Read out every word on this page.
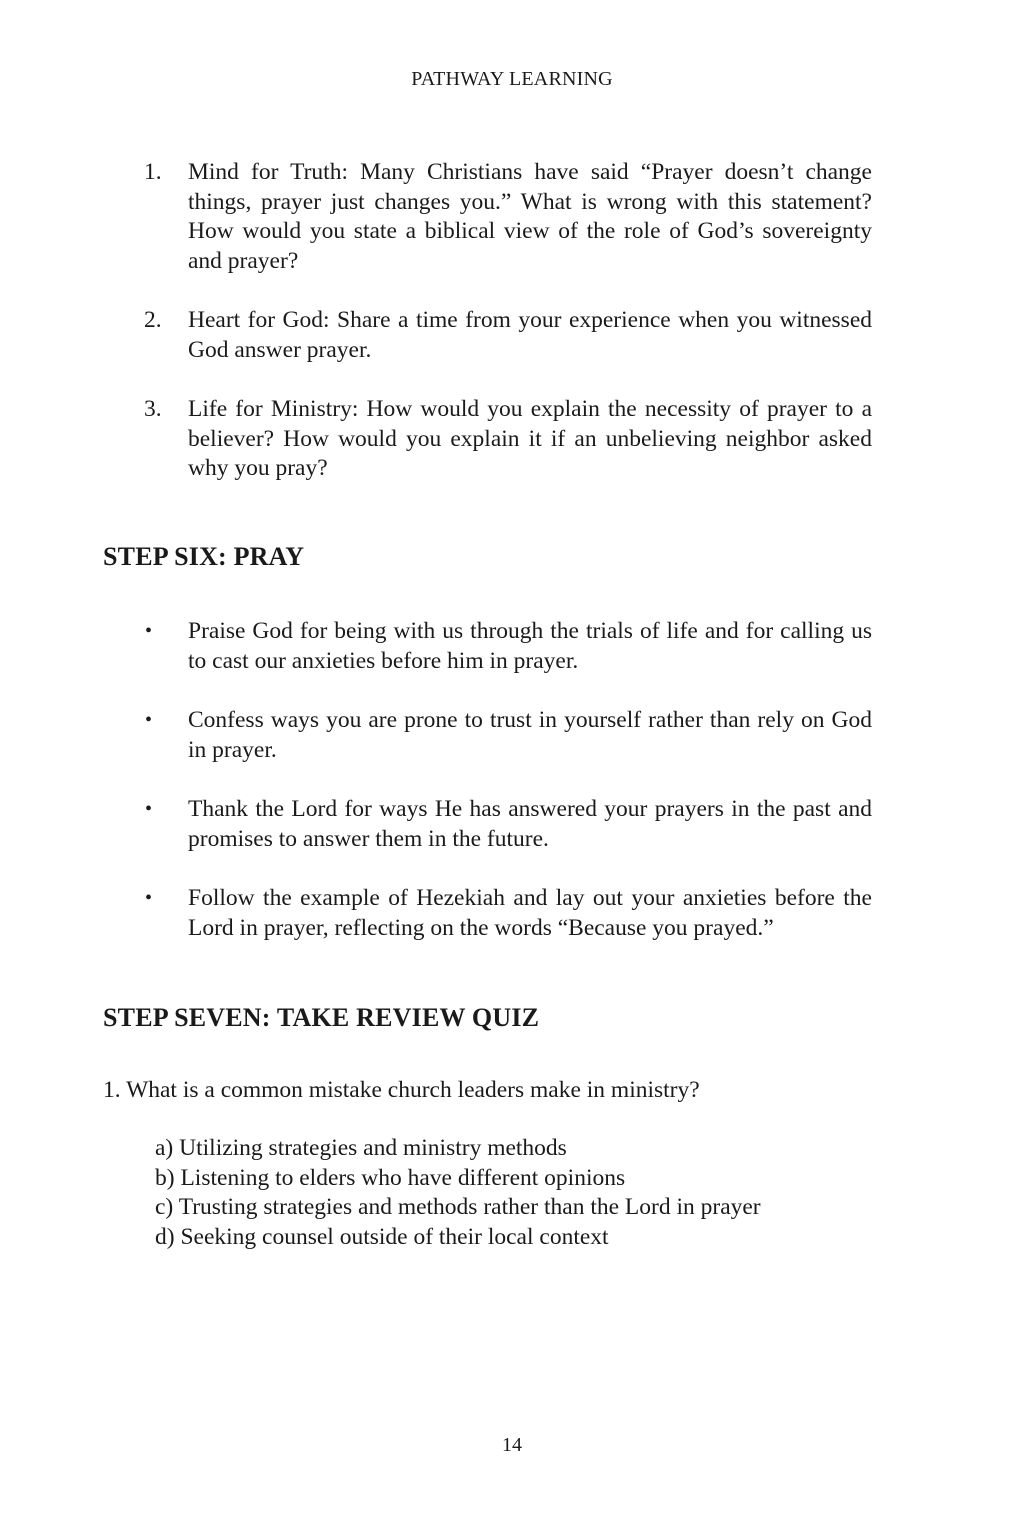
PATHWAY LEARNING
1.	Mind for Truth: Many Christians have said “Prayer doesn’t change things, prayer just changes you.” What is wrong with this statement? How would you state a biblical view of the role of God’s sovereignty and prayer?
2.	Heart for God: Share a time from your experience when you witnessed God answer prayer.
3.	Life for Ministry: How would you explain the necessity of prayer to a believer? How would you explain it if an unbelieving neighbor asked why you pray?
STEP SIX: PRAY
•	Praise God for being with us through the trials of life and for calling us to cast our anxieties before him in prayer.
•	Confess ways you are prone to trust in yourself rather than rely on God in prayer.
•	Thank the Lord for ways He has answered your prayers in the past and promises to answer them in the future.
•	Follow the example of Hezekiah and lay out your anxieties before the Lord in prayer, reflecting on the words “Because you prayed.”
STEP SEVEN: TAKE REVIEW QUIZ
1. What is a common mistake church leaders make in ministry?
a) Utilizing strategies and ministry methods
b) Listening to elders who have different opinions
c) Trusting strategies and methods rather than the Lord in prayer
d) Seeking counsel outside of their local context
14
